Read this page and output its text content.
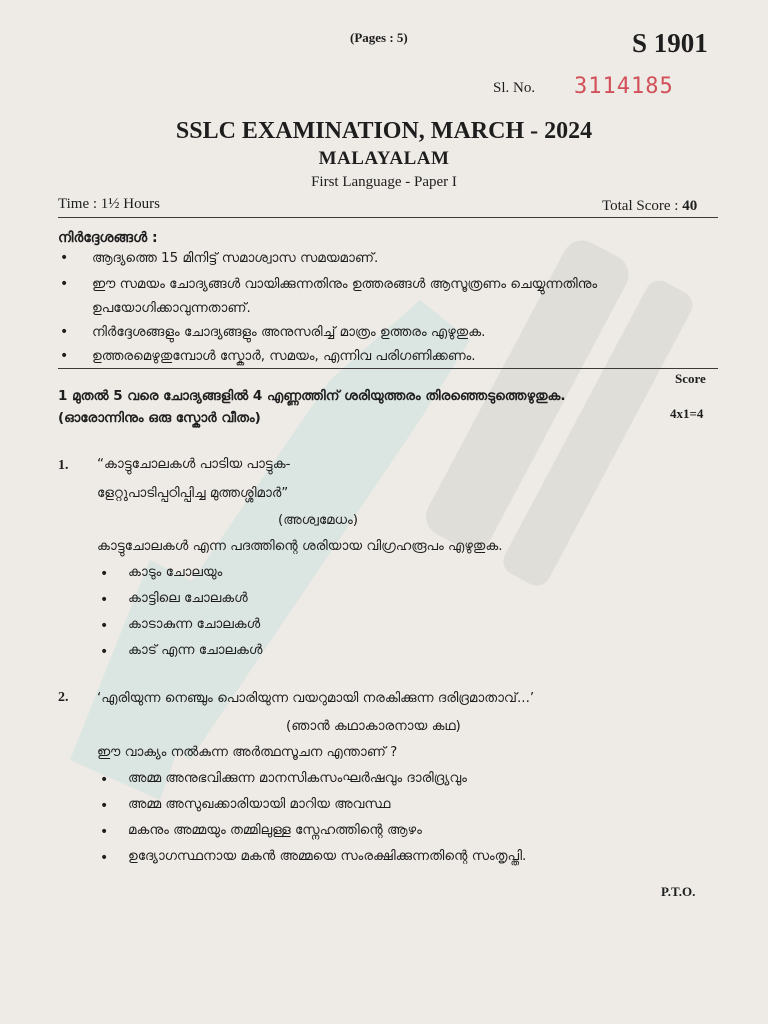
(Pages : 5)	S 1901
Sl. No. 3114185
SSLC EXAMINATION, MARCH - 2024
MALAYALAM
First Language - Paper I
Time : 1½ Hours	Total Score : 40
നിർദ്ദേശങ്ങൾ :
• ആദ്യത്തെ 15 മിനിട്ട് സമാശ്വാസ സമയമാണ്.
• ഈ സമയം ചോദ്യങ്ങൾ വായിക്കുന്നതിനും ഉത്തരങ്ങൾ ആസൂത്രണം ചെയ്യുന്നതിനും ഉപയോഗിക്കാവുന്നതാണ്.
• നിർദ്ദേശങ്ങളും ചോദ്യങ്ങളും അനുസരിച്ച് മാത്രം ഉത്തരം എഴുതുക.
• ഉത്തരമെഴുതുമ്പോൾ സ്കോർ, സമയം, എന്നിവ പരിഗണിക്കണം.
Score
1 മുതൽ 5 വരെ ചോദ്യങ്ങളിൽ 4 എണ്ണത്തിന് ശരിയുത്തരം തിരഞ്ഞെടുത്തെഴുതുക.
(ഓരോന്നിനും ഒരു സ്കോർ വീതം)	4x1=4
1. “കാട്ടുചോലകൾ പാടിയ പാട്ടുക-
ളേറ്റുപാടിപ്പഠിപ്പിച്ച മുത്തശ്ശിമാർ”
(അശ്വമേധം)
കാട്ടുചോലകൾ എന്ന പദത്തിന്റെ ശരിയായ വിഗ്രഹരൂപം എഴുതുക.
• കാടും ചോലയും
• കാട്ടിലെ ചോലകൾ
• കാടാകുന്ന ചോലകൾ
• കാട് എന്ന ചോലകൾ
2. ‘എരിയുന്ന നെഞ്ചും പൊരിയുന്ന വയറുമായി നരകിക്കുന്ന ദരിദ്രമാതാവ്...’
(ഞാൻ കഥാകാരനായ കഥ)
ഈ വാക്യം നൽകുന്ന അർത്ഥസൂചന എന്താണ് ?
• അമ്മ അനുഭവിക്കുന്ന മാനസികസംഘർഷവും ദാരിദ്ര്യവും
• അമ്മ അസുഖക്കാരിയായി മാറിയ അവസ്ഥ
• മകനും അമ്മയും തമ്മിലുള്ള സ്നേഹത്തിന്റെ ആഴം
• ഉദ്യോഗസ്ഥനായ മകൻ അമ്മയെ സംരക്ഷിക്കുന്നതിന്റെ സംതൃപ്തി.
P.T.O.
